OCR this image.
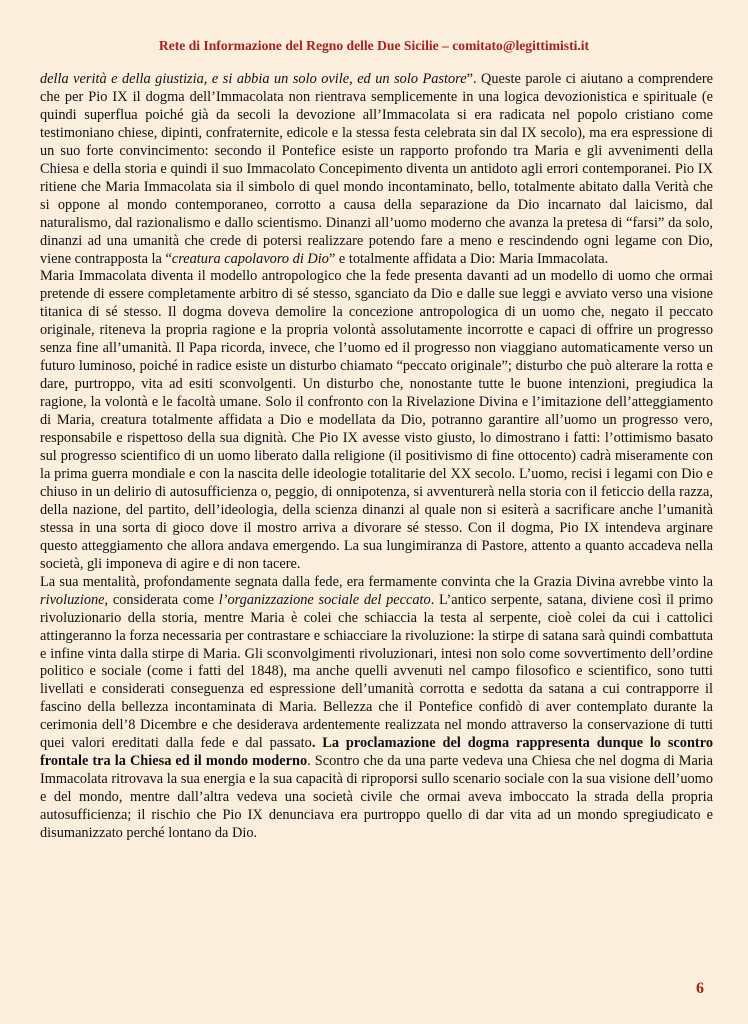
Rete di Informazione del Regno delle Due Sicilie – comitato@legittimisti.it

della verità e della giustizia, e si abbia un solo ovile, ed un solo Pastore”. Queste parole ci aiutano a comprendere che per Pio IX il dogma dell’Immacolata non rientrava semplicemente in una logica devozionistica e spirituale (e quindi superflua poiché già da secoli la devozione all’Immacolata si era radicata nel popolo cristiano come testimoniano chiese, dipinti, confraternite, edicole e la stessa festa celebrata sin dal IX secolo), ma era espressione di un suo forte convincimento: secondo il Pontefice esiste un rapporto profondo tra Maria e gli avvenimenti della Chiesa e della storia e quindi il suo Immacolato Concepimento diventa un antidoto agli errori contemporanei. Pio IX ritiene che Maria Immacolata sia il simbolo di quel mondo incontaminato, bello, totalmente abitato dalla Verità che si oppone al mondo contemporaneo, corrotto a causa della separazione da Dio incarnato dal laicismo, dal naturalismo, dal razionalismo e dallo scientismo. Dinanzi all’uomo moderno che avanza la pretesa di “farsi” da solo, dinanzi ad una umanità che crede di potersi realizzare potendo fare a meno e rescindendo ogni legame con Dio, viene contrapposta la “creatura capolavoro di Dio” e totalmente affidata a Dio: Maria Immacolata.

Maria Immacolata diventa il modello antropologico che la fede presenta davanti ad un modello di uomo che ormai pretende di essere completamente arbitro di sé stesso, sganciato da Dio e dalle sue leggi e avviato verso una visione titanica di sé stesso. Il dogma doveva demolire la concezione antropologica di un uomo che, negato il peccato originale, riteneva la propria ragione e la propria volontà assolutamente incorrotte e capaci di offrire un progresso senza fine all’umanità. Il Papa ricorda, invece, che l’uomo ed il progresso non viaggiano automaticamente verso un futuro luminoso, poiché in radice esiste un disturbo chiamato “peccato originale”; disturbo che può alterare la rotta e dare, purtroppo, vita ad esiti sconvolgenti. Un disturbo che, nonostante tutte le buone intenzioni, pregiudica la ragione, la volontà e le facoltà umane. Solo il confronto con la Rivelazione Divina e l’imitazione dell’atteggiamento di Maria, creatura totalmente affidata a Dio e modellata da Dio, potranno garantire all’uomo un progresso vero, responsabile e rispettoso della sua dignità. Che Pio IX avesse visto giusto, lo dimostrano i fatti: l’ottimismo basato sul progresso scientifico di un uomo liberato dalla religione (il positivismo di fine ottocento) cadrà miseramente con la prima guerra mondiale e con la nascita delle ideologie totalitarie del XX secolo. L’uomo, recisi i legami con Dio e chiuso in un delirio di autosufficienza o, peggio, di onnipotenza, si avventurerà nella storia con il feticcio della razza, della nazione, del partito, dell’ideologia, della scienza dinanzi al quale non si esiterà a sacrificare anche l’umanità stessa in una sorta di gioco dove il mostro arriva a divorare sé stesso. Con il dogma, Pio IX intendeva arginare questo atteggiamento che allora andava emergendo. La sua lungimiranza di Pastore, attento a quanto accadeva nella società, gli imponeva di agire e di non tacere.

La sua mentalità, profondamente segnata dalla fede, era fermamente convinta che la Grazia Divina avrebbe vinto la rivoluzione, considerata come l’organizzazione sociale del peccato. L’antico serpente, satana, diviene così il primo rivoluzionario della storia, mentre Maria è colei che schiaccia la testa al serpente, cioè colei da cui i cattolici attingeranno la forza necessaria per contrastare e schiacciare la rivoluzione: la stirpe di satana sarà quindi combattuta e infine vinta dalla stirpe di Maria. Gli sconvolgimenti rivoluzionari, intesi non solo come sovvertimento dell’ordine politico e sociale (come i fatti del 1848), ma anche quelli avvenuti nel campo filosofico e scientifico, sono tutti livellati e considerati conseguenza ed espressione dell’umanità corrotta e sedotta da satana a cui contrapporre il fascino della bellezza incontaminata di Maria. Bellezza che il Pontefice confidò di aver contemplato durante la cerimonia dell’8 Dicembre e che desiderava ardentemente realizzata nel mondo attraverso la conservazione di tutti quei valori ereditati dalla fede e dal passato. La proclamazione del dogma rappresenta dunque lo scontro frontale tra la Chiesa ed il mondo moderno. Scontro che da una parte vedeva una Chiesa che nel dogma di Maria Immacolata ritrovava la sua energia e la sua capacità di riproporsi sullo scenario sociale con la sua visione dell’uomo e del mondo, mentre dall’altra vedeva una società civile che ormai aveva imboccato la strada della propria autosufficienza; il rischio che Pio IX denunciava era purtroppo quello di dar vita ad un mondo spregiudicato e disumanizzato perché lontano da Dio.

6
